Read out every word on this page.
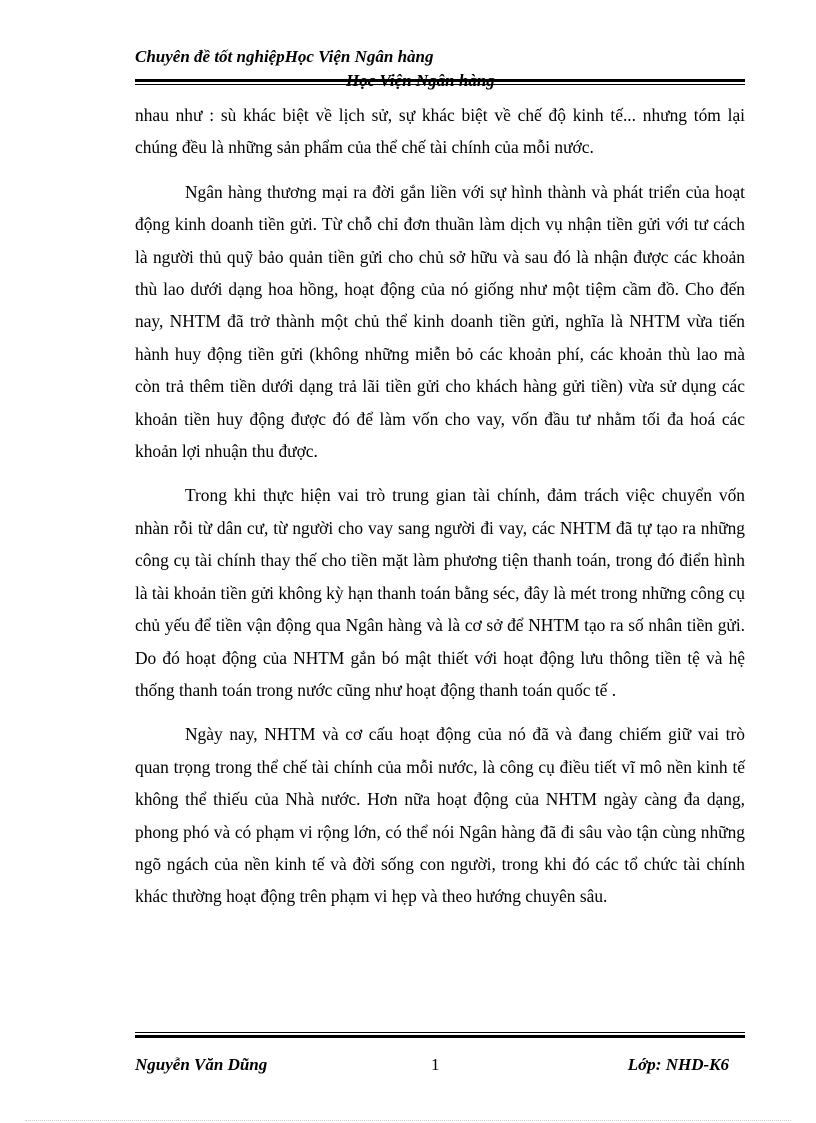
Chuyên đề tốt nghiệpHọc Viện Ngân hàng
Học Viện Ngân hàng

nhau như : sù khác biệt về lịch sử, sự khác biệt về chế độ kinh tế... nhưng tóm lại chúng đều là những sản phẩm của thể chế tài chính của mỗi nước.

Ngân hàng thương mại ra đời gắn liền với sự hình thành và phát triển của hoạt động kinh doanh tiền gửi. Từ chỗ chỉ đơn thuần làm dịch vụ nhận tiền gửi với tư cách là người thủ quỹ bảo quản tiền gửi cho chủ sở hữu và sau đó là nhận được các khoản thù lao dưới dạng hoa hồng, hoạt động của nó giống như một tiệm cầm đồ. Cho đến nay, NHTM đã trở thành một chủ thể kinh doanh tiền gửi, nghĩa là NHTM vừa tiến hành huy động tiền gửi (không những miễn bỏ các khoản phí, các khoản thù lao mà còn trả thêm tiền dưới dạng trả lãi tiền gửi cho khách hàng gửi tiền) vừa sử dụng các khoản tiền huy động được đó để làm vốn cho vay, vốn đầu tư nhằm tối đa hoá các khoản lợi nhuận thu được.

Trong khi thực hiện vai trò trung gian tài chính, đảm trách việc chuyển vốn nhàn rỗi từ dân cư, từ người cho vay sang người đi vay, các NHTM đã tự tạo ra những công cụ tài chính thay thế cho tiền mặt làm phương tiện thanh toán, trong đó điển hình là tài khoản tiền gửi không kỳ hạn thanh toán bằng séc, đây là mét trong những công cụ chủ yếu để tiền vận động qua Ngân hàng và là cơ sở để NHTM tạo ra số nhân tiền gửi. Do đó hoạt động của NHTM gắn bó mật thiết với hoạt động lưu thông tiền tệ và hệ thống thanh toán trong nước cũng như hoạt động thanh toán quốc tế .

Ngày nay, NHTM và cơ cấu hoạt động của nó đã và đang chiếm giữ vai trò quan trọng trong thể chế tài chính của mỗi nước, là công cụ điều tiết vĩ mô nền kinh tế không thể thiếu của Nhà nước. Hơn nữa hoạt động của NHTM ngày càng đa dạng, phong phó và có phạm vi rộng lớn, có thể nói Ngân hàng đã đi sâu vào tận cùng những ngõ ngách của nền kinh tế và đời sống con người, trong khi đó các tổ chức tài chính khác thường hoạt động trên phạm vi hẹp và theo hướng chuyên sâu.

Nguyễn Văn Dũng	1	Lớp: NHD-K6
